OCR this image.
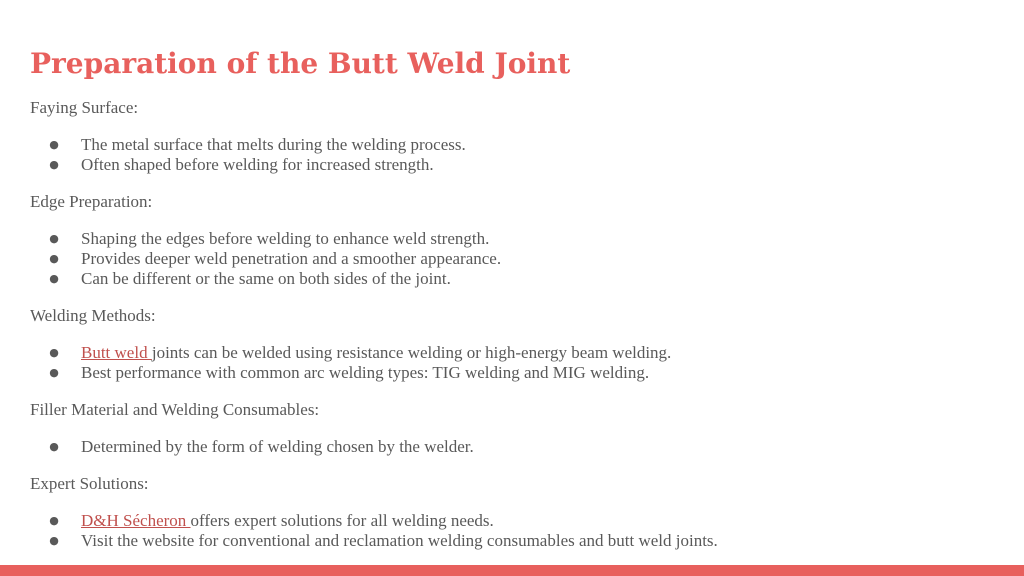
Preparation of the Butt Weld Joint

Faying Surface:

● The metal surface that melts during the welding process.
● Often shaped before welding for increased strength.

Edge Preparation:

● Shaping the edges before welding to enhance weld strength.
● Provides deeper weld penetration and a smoother appearance.
● Can be different or the same on both sides of the joint.

Welding Methods:

● Butt weld joints can be welded using resistance welding or high-energy beam welding.
● Best performance with common arc welding types: TIG welding and MIG welding.

Filler Material and Welding Consumables:

● Determined by the form of welding chosen by the welder.

Expert Solutions:

● D&H Sécheron offers expert solutions for all welding needs.
● Visit the website for conventional and reclamation welding consumables and butt weld joints.
